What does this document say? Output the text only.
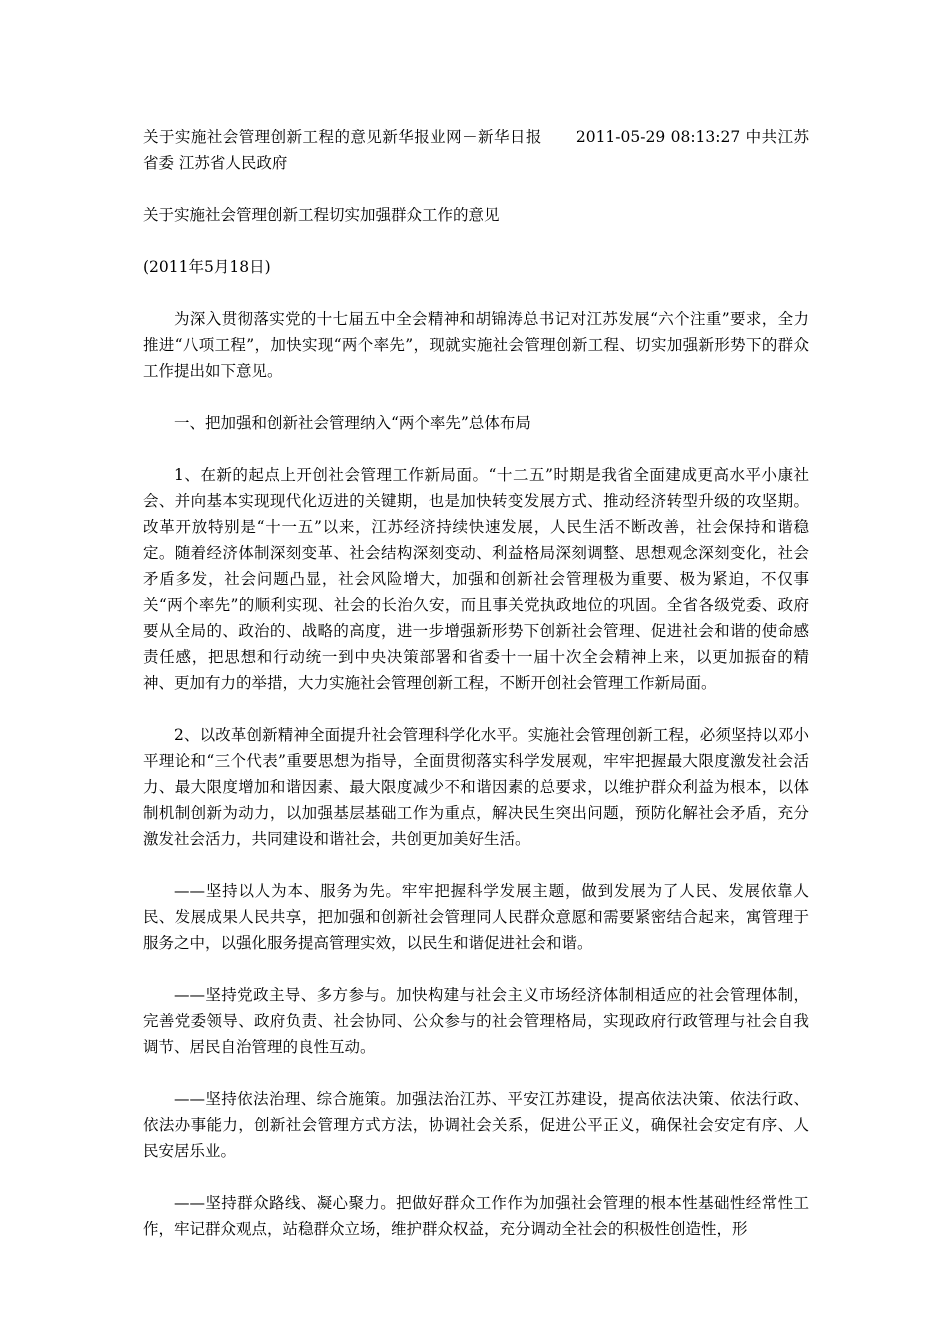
关于实施社会管理创新工程的意见新华报业网－新华日报 2011-05-29 08:13:27 中共江苏省委 江苏省人民政府

关于实施社会管理创新工程切实加强群众工作的意见

(2011年5月18日)

为深入贯彻落实党的十七届五中全会精神和胡锦涛总书记对江苏发展“六个注重”要求，全力推进“八项工程”，加快实现“两个率先”，现就实施社会管理创新工程、切实加强新形势下的群众工作提出如下意见。

一、把加强和创新社会管理纳入“两个率先”总体布局

1、在新的起点上开创社会管理工作新局面。“十二五”时期是我省全面建成更高水平小康社会、并向基本实现现代化迈进的关键期，也是加快转变发展方式、推动经济转型升级的攻坚期。改革开放特别是“十一五”以来，江苏经济持续快速发展，人民生活不断改善，社会保持和谐稳定。随着经济体制深刻变革、社会结构深刻变动、利益格局深刻调整、思想观念深刻变化，社会矛盾多发，社会问题凸显，社会风险增大，加强和创新社会管理极为重要、极为紧迫，不仅事关“两个率先”的顺利实现、社会的长治久安，而且事关党执政地位的巩固。全省各级党委、政府要从全局的、政治的、战略的高度，进一步增强新形势下创新社会管理、促进社会和谐的使命感责任感，把思想和行动统一到中央决策部署和省委十一届十次全会精神上来，以更加振奋的精神、更加有力的举措，大力实施社会管理创新工程，不断开创社会管理工作新局面。

2、以改革创新精神全面提升社会管理科学化水平。实施社会管理创新工程，必须坚持以邓小平理论和“三个代表”重要思想为指导，全面贯彻落实科学发展观，牢牢把握最大限度激发社会活力、最大限度增加和谐因素、最大限度减少不和谐因素的总要求，以维护群众利益为根本，以体制机制创新为动力，以加强基层基础工作为重点，解决民生突出问题，预防化解社会矛盾，充分激发社会活力，共同建设和谐社会，共创更加美好生活。

——坚持以人为本、服务为先。牢牢把握科学发展主题，做到发展为了人民、发展依靠人民、发展成果人民共享，把加强和创新社会管理同人民群众意愿和需要紧密结合起来，寓管理于服务之中，以强化服务提高管理实效，以民生和谐促进社会和谐。

——坚持党政主导、多方参与。加快构建与社会主义市场经济体制相适应的社会管理体制，完善党委领导、政府负责、社会协同、公众参与的社会管理格局，实现政府行政管理与社会自我调节、居民自治管理的良性互动。

——坚持依法治理、综合施策。加强法治江苏、平安江苏建设，提高依法决策、依法行政、依法办事能力，创新社会管理方式方法，协调社会关系，促进公平正义，确保社会安定有序、人民安居乐业。

——坚持群众路线、凝心聚力。把做好群众工作作为加强社会管理的根本性基础性经常性工作，牢记群众观点，站稳群众立场，维护群众权益，充分调动全社会的积极性创造性，形
